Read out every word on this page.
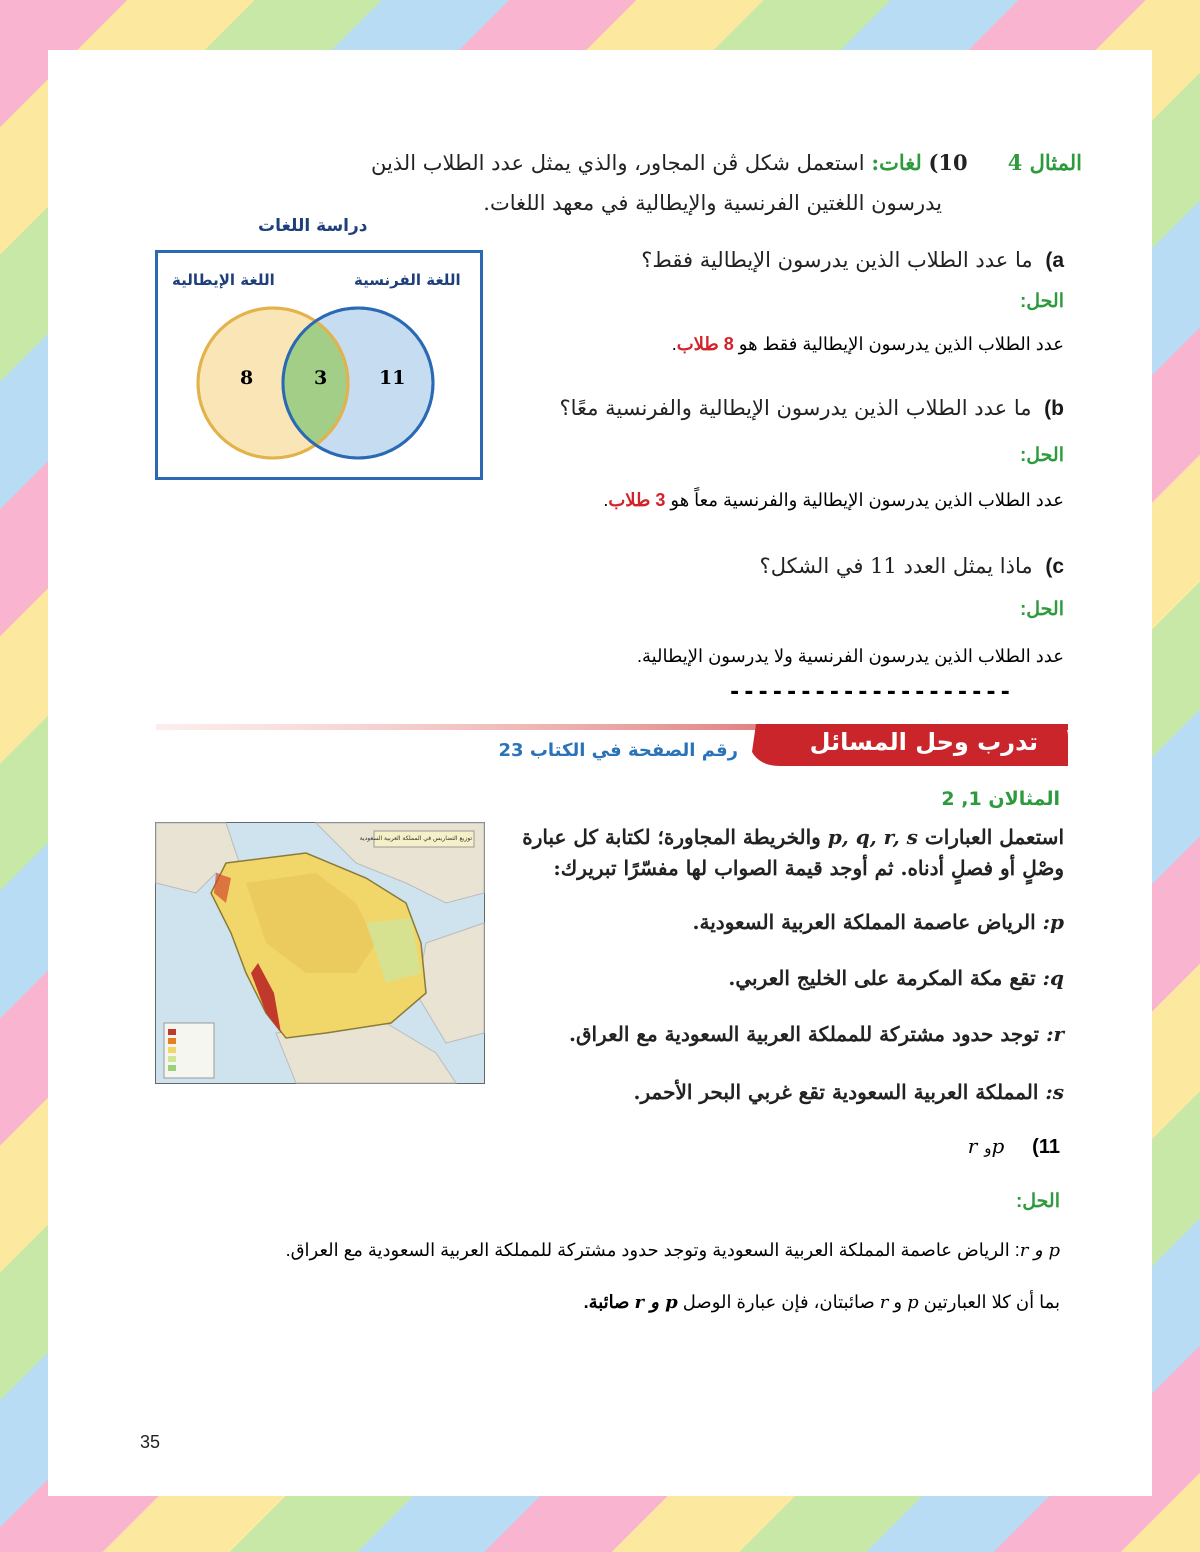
المثال 4      10) لغات: استعمل شكل ڤن المجاور، والذي يمثل عدد الطلاب الذين
يدرسون اللغتين الفرنسية والإيطالية في معهد اللغات.
دراسة اللغات
اللغة الإيطالية	اللغة الفرنسية
8	3	11
a) ما عدد الطلاب الذين يدرسون الإيطالية فقط؟
الحل:
عدد الطلاب الذين يدرسون الإيطالية فقط هو 8 طلاب.
b) ما عدد الطلاب الذين يدرسون الإيطالية والفرنسية معًا؟
الحل:
عدد الطلاب الذين يدرسون الإيطالية والفرنسية معاً هو 3 طلاب.
c) ماذا يمثل العدد 11 في الشكل؟
الحل:
عدد الطلاب الذين يدرسون الفرنسية ولا يدرسون الإيطالية.
--------------------
تدرب وحل المسائل
رقم الصفحة في الكتاب 23
المثالان 1, 2
استعمل العبارات p, q, r, s والخريطة المجاورة؛ لكتابة كل عبارة
وصْلٍ أو فصلٍ أدناه. ثم أوجد قيمة الصواب لها مفسّرًا تبريرك:
p: الرياض عاصمة المملكة العربية السعودية.
q: تقع مكة المكرمة على الخليج العربي.
r: توجد حدود مشتركة للمملكة العربية السعودية مع العراق.
s: المملكة العربية السعودية تقع غربي البحر الأحمر.
توزيع التضاريس في المملكة العربية السعودية
11)    pو r
الحل:
p و r: الرياض عاصمة المملكة العربية السعودية وتوجد حدود مشتركة للمملكة العربية السعودية مع العراق.
بما أن كلا العبارتين p و r صائبتان، فإن عبارة الوصل p و r صائبة.
35
